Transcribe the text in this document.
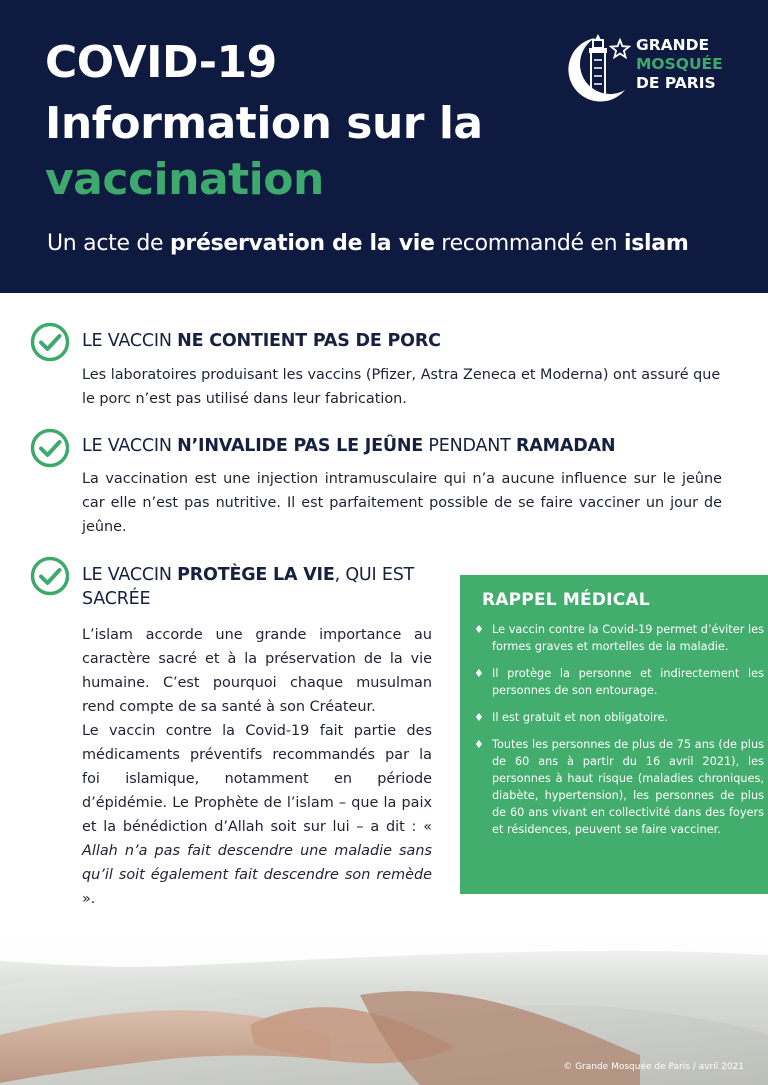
COVID-19

Information sur la

vaccination

Un acte de préservation de la vie recommandé en islam

GRANDE
MOSQUÉE
DE PARIS

LE VACCIN NE CONTIENT PAS DE PORC

Les laboratoires produisant les vaccins (Pfizer, Astra Zeneca et Moderna) ont assuré que le porc n’est pas utilisé dans leur fabrication.

LE VACCIN N’INVALIDE PAS LE JEÛNE PENDANT RAMADAN

La vaccination est une injection intramusculaire qui n’a aucune influence sur le jeûne car elle n’est pas nutritive. Il est parfaitement possible de se faire vacciner un jour de jeûne.

LE VACCIN PROTÈGE LA VIE, QUI EST

SACRÉE

L’islam accorde une grande importance au caractère sacré et à la préservation de la vie humaine. C’est pourquoi chaque musulman rend compte de sa santé à son Créateur.

Le vaccin contre la Covid-19 fait partie des médicaments préventifs recommandés par la foi islamique, notamment en période d’épidémie. Le Prophète de l’islam – que la paix et la bénédiction d’Allah soit sur lui – a dit : « Allah n’a pas fait descendre une maladie sans qu’il soit également fait descendre son remède ».

RAPPEL MÉDICAL

♦ Le vaccin contre la Covid-19 permet d’éviter les formes graves et mortelles de la maladie.
♦ Il protège la personne et indirectement les personnes de son entourage.
♦ Il est gratuit et non obligatoire.
♦ Toutes les personnes de plus de 75 ans (de plus de 60 ans à partir du 16 avril 2021), les personnes à haut risque (maladies chroniques, diabète, hypertension), les personnes de plus de 60 ans vivant en collectivité dans des foyers et résidences, peuvent se faire vacciner.

© Grande Mosquée de Paris / avril 2021
